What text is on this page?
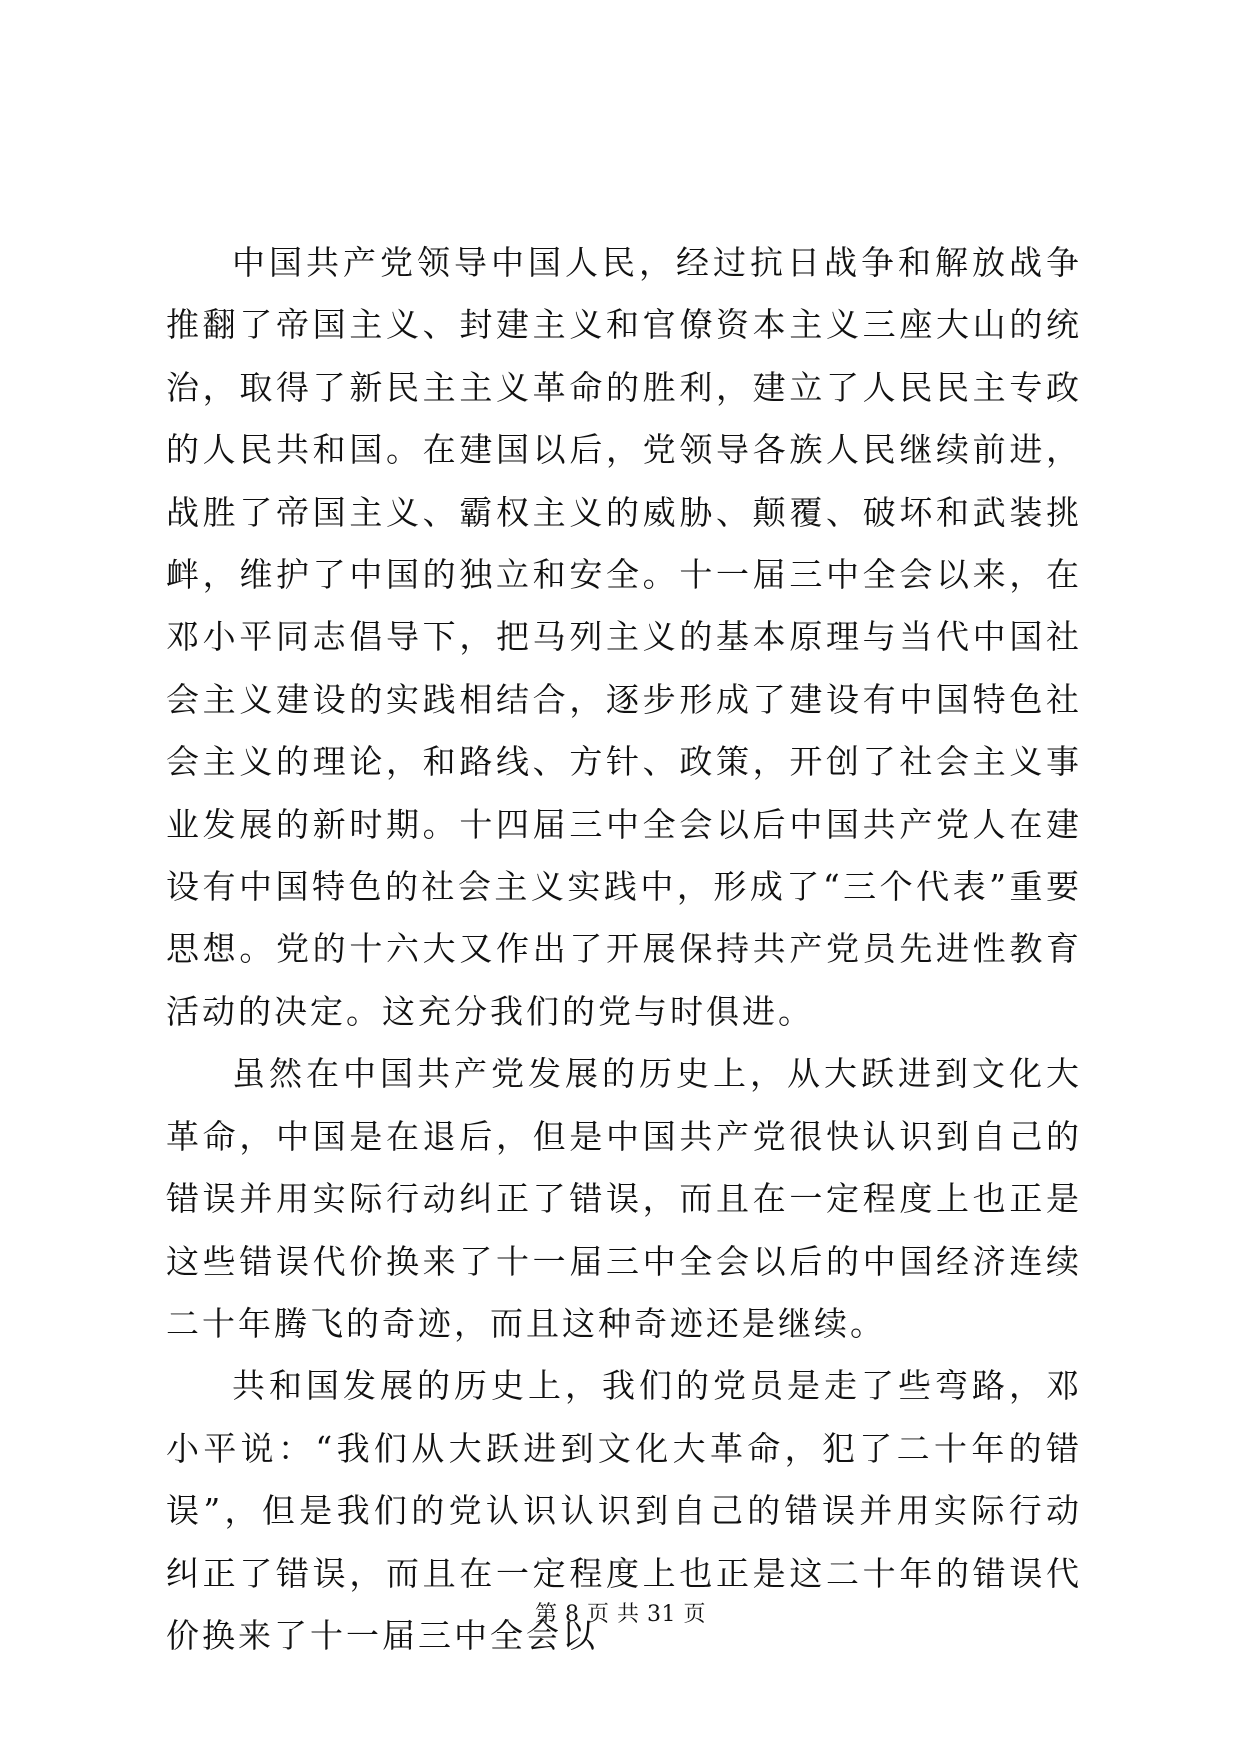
中国共产党领导中国人民，经过抗日战争和解放战争推翻了帝国主义、封建主义和官僚资本主义三座大山的统治，取得了新民主主义革命的胜利，建立了人民民主专政的人民共和国。在建国以后，党领导各族人民继续前进，战胜了帝国主义、霸权主义的威胁、颠覆、破坏和武装挑衅，维护了中国的独立和安全。十一届三中全会以来，在邓小平同志倡导下，把马列主义的基本原理与当代中国社会主义建设的实践相结合，逐步形成了建设有中国特色社会主义的理论，和路线、方针、政策，开创了社会主义事业发展的新时期。十四届三中全会以后中国共产党人在建设有中国特色的社会主义实践中，形成了“三个代表”重要思想。党的十六大又作出了开展保持共产党员先进性教育活动的决定。这充分我们的党与时俱进。

虽然在中国共产党发展的历史上，从大跃进到文化大革命，中国是在退后，但是中国共产党很快认识到自己的错误并用实际行动纠正了错误，而且在一定程度上也正是这些错误代价换来了十一届三中全会以后的中国经济连续二十年腾飞的奇迹，而且这种奇迹还是继续。

共和国发展的历史上，我们的党员是走了些弯路，邓小平说：“我们从大跃进到文化大革命，犯了二十年的错误”，但是我们的党认识认识到自己的错误并用实际行动纠正了错误，而且在一定程度上也正是这二十年的错误代价换来了十一届三中全会以

第 8 页 共 31 页
